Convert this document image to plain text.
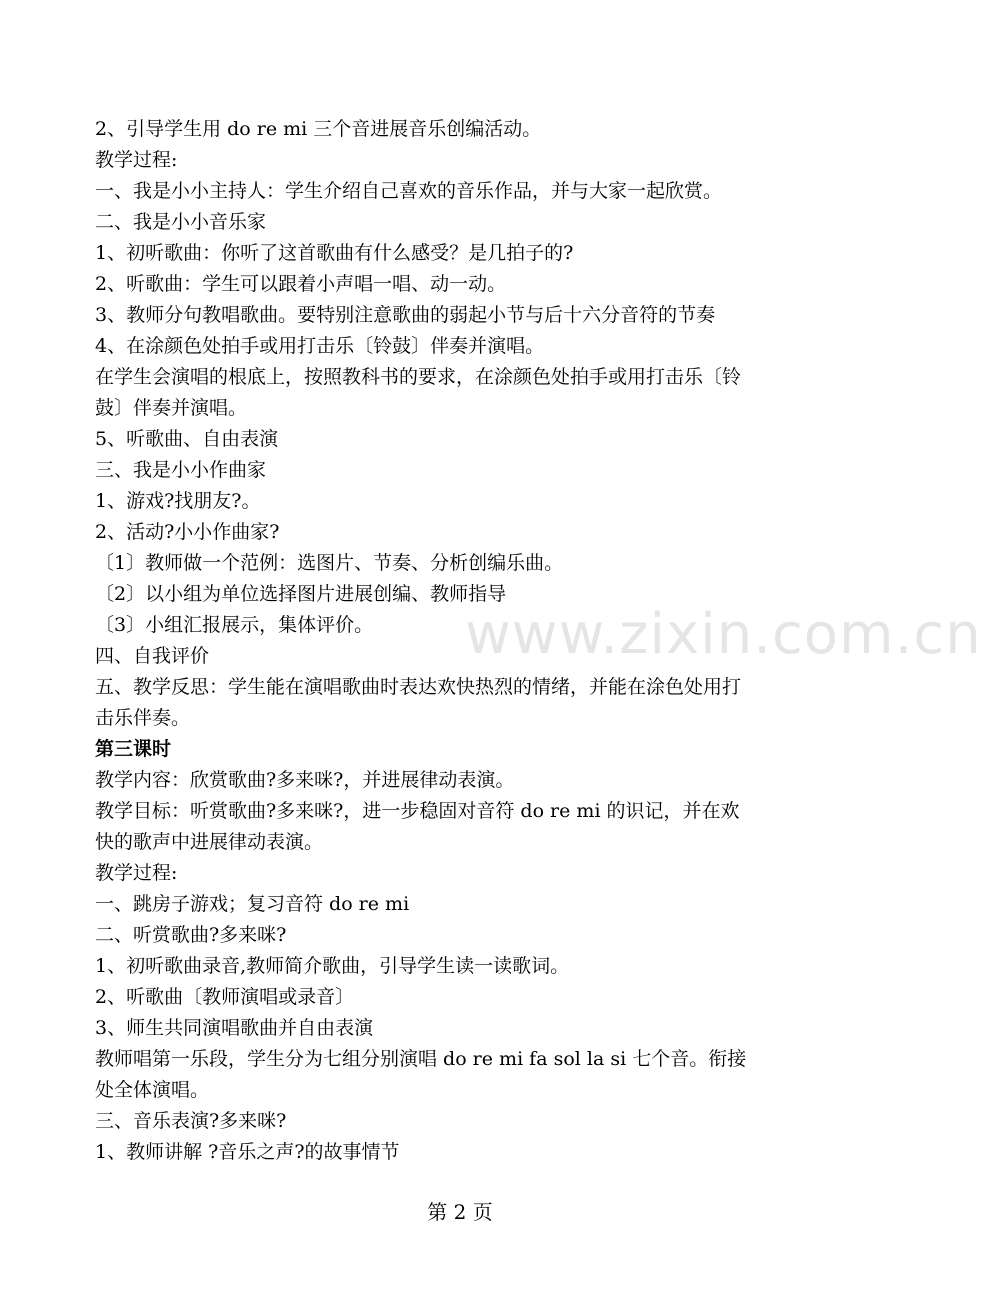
2、引导学生用 do re mi 三个音进展音乐创编活动。
教学过程:
一、我是小小主持人：学生介绍自己喜欢的音乐作品，并与大家一起欣赏。
二、我是小小音乐家
1、初听歌曲：你听了这首歌曲有什么感受？是几拍子的?
2、听歌曲：学生可以跟着小声唱一唱、动一动。
3、教师分句教唱歌曲。要特别注意歌曲的弱起小节与后十六分音符的节奏
4、在涂颜色处拍手或用打击乐〔铃鼓〕伴奏并演唱。
在学生会演唱的根底上，按照教科书的要求，在涂颜色处拍手或用打击乐〔铃
鼓〕伴奏并演唱。
5、听歌曲、自由表演
三、我是小小作曲家
1、游戏?找朋友?。
2、活动?小小作曲家?
〔1〕教师做一个范例：选图片、节奏、分析创编乐曲。
〔2〕以小组为单位选择图片进展创编、教师指导
〔3〕小组汇报展示，集体评价。
四、自我评价
五、教学反思：学生能在演唱歌曲时表达欢快热烈的情绪，并能在涂色处用打
击乐伴奏。
第三课时
教学内容：欣赏歌曲?多来咪?，并进展律动表演。
教学目标：听赏歌曲?多来咪?，进一步稳固对音符 do re mi 的识记，并在欢
快的歌声中进展律动表演。
教学过程:
一、跳房子游戏；复习音符 do re mi
二、听赏歌曲?多来咪?
1、初听歌曲录音,教师简介歌曲，引导学生读一读歌词。
2、听歌曲〔教师演唱或录音〕
3、师生共同演唱歌曲并自由表演
教师唱第一乐段，学生分为七组分别演唱 do re mi fa sol la si 七个音。衔接
处全体演唱。
三、音乐表演?多来咪?
1、教师讲解 ?音乐之声?的故事情节
www.zixin.com.cn
第 2 页
